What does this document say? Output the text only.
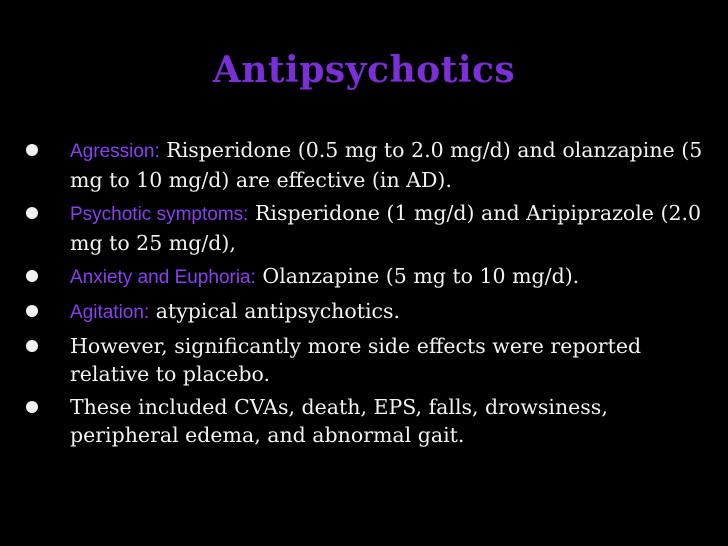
Antipsychotics
Agression: Risperidone (0.5 mg to 2.0 mg/d) and olanzapine (5 mg to 10 mg/d) are effective (in AD).
Psychotic symptoms: Risperidone (1 mg/d) and Aripiprazole (2.0 mg to 25 mg/d),
Anxiety and Euphoria: Olanzapine (5 mg to 10 mg/d).
Agitation: atypical antipsychotics.
However, significantly more side effects were reported relative to placebo.
These included CVAs, death, EPS, falls, drowsiness, peripheral edema, and abnormal gait.
